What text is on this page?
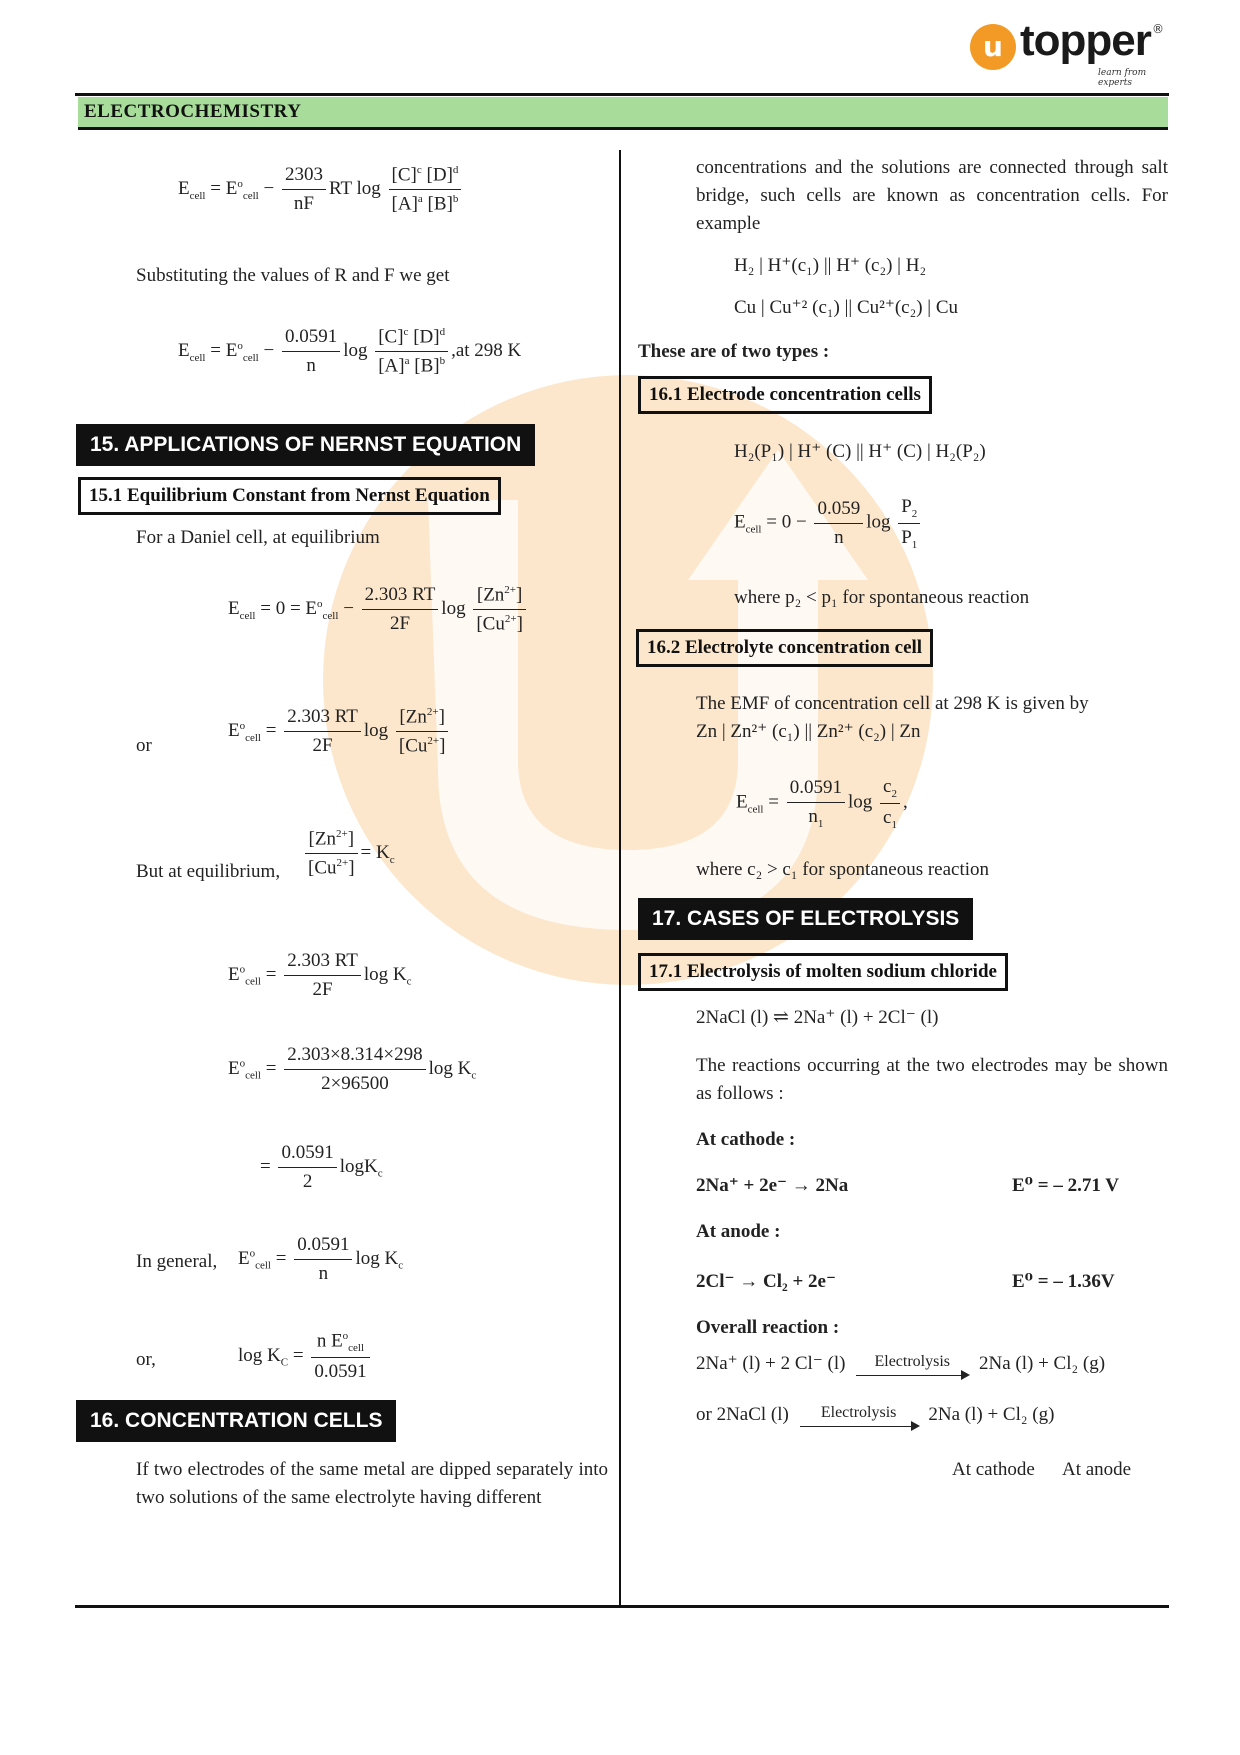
u topper ®
learn from experts
ELECTROCHEMISTRY
$E_{cell} = E^o_{cell} - \frac{2303}{nF}$ RT $\log \frac{[C]^c [D]^d}{[A]^a [B]^b}$
Substituting the values of R and F we get
$E_{cell} = E^o_{cell} - \frac{0.0591}{n}$ $\log \frac{[C]^c [D]^d}{[A]^a [B]^b} ,at$ 298 K
15. APPLICATIONS OF NERNST EQUATION
15.1 Equilibrium Constant from Nernst Equation
For a Daniel cell, at equilibrium
$E_{cell} = 0 = E^o_{cell} - \frac{2.303 RT}{2F}$ $\log \frac{[Zn^{2+}]}{[Cu^{2+}]}$
or
$E^o_{cell} = \frac{2.303 RT}{2F}$ $\log \frac{[Zn^{2+}]}{[Cu^{2+}]}$
But at equilibrium, $\frac{[Zn^{2+}]}{[Cu^{2+}]} = K_c$
$E^o_{cell} = \frac{2.303 RT}{2F}$ $\log K_c$
$E^o_{cell} = \frac{2.303\times 8.314\times 298}{2\times 96500}$ $\log K_c$
= $\frac{0.0591}{2} \log K_c$
In general, $E^o_{cell} = \frac{0.0591}{n}$ $\log K_c$
or,	$\log K_C = \frac{n E^o_{cell}}{0.0591}$
16. CONCENTRATION CELLS
If two electrodes of the same metal are dipped separately into two solutions of the same electrolyte having different
concentrations and the solutions are connected through salt bridge, such cells are known as concentration cells. For example
H₂ | H⁺(c₁) || H⁺ (c₂) | H₂
Cu | Cu⁺² (c₁) || Cu²⁺(c₂) | Cu
These are of two types :
16.1 Electrode concentration cells
H₂(P₁) | H⁺ (C) || H⁺ (C) | H₂(P₂)
$E_{cell} = 0 - \frac{0.059}{n}$ $\log \frac{P_2}{P_1}$
where p₂ < p₁ for spontaneous reaction
16.2 Electrolyte concentration cell
The EMF of concentration cell at 298 K is given by
Zn | Zn²⁺ (c₁) || Zn²⁺ (c₂) | Zn
$E_{cell} = \frac{0.0591}{n_1}$ $\log \frac{c_2}{c_1}$ ,
where c₂ > c₁ for spontaneous reaction
17. CASES OF ELECTROLYSIS
17.1 Electrolysis of molten sodium chloride
2NaCl (l) ⇌ 2Na⁺ (l) + 2Cl⁻ (l)
The reactions occurring at the two electrodes may be shown as follows :
At cathode :
2Na⁺ + 2e⁻ → 2Na	E⁰ = – 2.71 V
At anode :
2Cl⁻ → Cl₂ + 2e⁻	E⁰ = – 1.36V
Overall reaction :
2Na⁺ (l) + 2 Cl⁻ (l)	Electrolysis	2Na (l) + Cl₂ (g)
or 2NaCl (l)	Electrolysis	2Na (l) + Cl₂ (g)
At cathode At anode
